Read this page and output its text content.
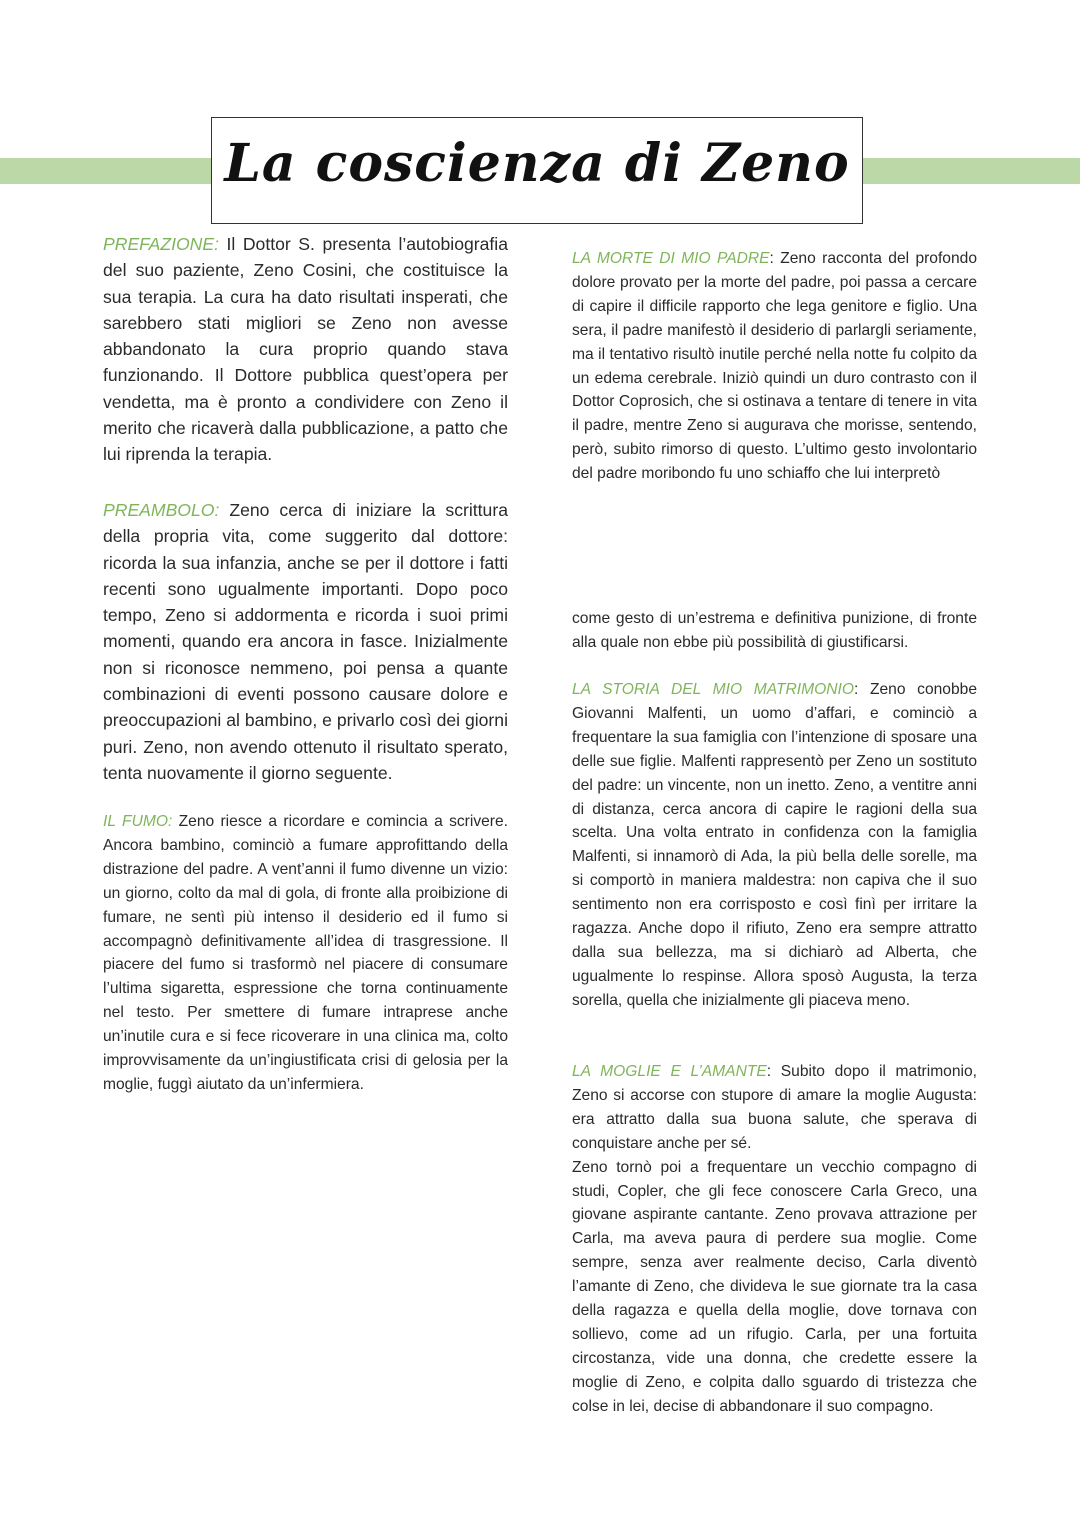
La coscienza di Zeno

PREFAZIONE: Il Dottor S. presenta l’autobiografia del suo paziente, Zeno Cosini, che costituisce la sua terapia. La cura ha dato risultati insperati, che sarebbero stati migliori se Zeno non avesse abbandonato la cura proprio quando stava funzionando. Il Dottore pubblica quest’opera per vendetta, ma è pronto a condividere con Zeno il merito che ricaverà dalla pubblicazione, a patto che lui riprenda la terapia.

PREAMBOLO: Zeno cerca di iniziare la scrittura della propria vita, come suggerito dal dottore: ricorda la sua infanzia, anche se per il dottore i fatti recenti sono ugualmente importanti. Dopo poco tempo, Zeno si addormenta e ricorda i suoi primi momenti, quando era ancora in fasce. Inizialmente non si riconosce nemmeno, poi pensa a quante combinazioni di eventi possono causare dolore e preoccupazioni al bambino, e privarlo così dei giorni puri. Zeno, non avendo ottenuto il risultato sperato, tenta nuovamente il giorno seguente.

IL FUMO: Zeno riesce a ricordare e comincia a scrivere. Ancora bambino, cominciò a fumare approfittando della distrazione del padre. A vent’anni il fumo divenne un vizio: un giorno, colto da mal di gola, di fronte alla proibizione di fumare, ne sentì più intenso il desiderio ed il fumo si accompagnò definitivamente all’idea di trasgressione. Il piacere del fumo si trasformò nel piacere di consumare l’ultima sigaretta, espressione che torna continuamente nel testo. Per smettere di fumare intraprese anche un’inutile cura e si fece ricoverare in una clinica ma, colto improvvisamente da un’ingiustificata crisi di gelosia per la moglie, fuggì aiutato da un’infermiera.

LA MORTE DI MIO PADRE: Zeno racconta del profondo dolore provato per la morte del padre, poi passa a cercare di capire il difficile rapporto che lega genitore e figlio. Una sera, il padre manifestò il desiderio di parlargli seriamente, ma il tentativo risultò inutile perché nella notte fu colpito da un edema cerebrale. Iniziò quindi un duro contrasto con il Dottor Coprosich, che si ostinava a tentare di tenere in vita il padre, mentre Zeno si augurava che morisse, sentendo, però, subito rimorso di questo. L’ultimo gesto involontario del padre moribondo fu uno schiaffo che lui interpretò

come gesto di un’estrema e definitiva punizione, di fronte alla quale non ebbe più possibilità di giustificarsi.

LA STORIA DEL MIO MATRIMONIO: Zeno conobbe Giovanni Malfenti, un uomo d’affari, e cominciò a frequentare la sua famiglia con l’intenzione di sposare una delle sue figlie. Malfenti rappresentò per Zeno un sostituto del padre: un vincente, non un inetto. Zeno, a ventitre anni di distanza, cerca ancora di capire le ragioni della sua scelta. Una volta entrato in confidenza con la famiglia Malfenti, si innamorò di Ada, la più bella delle sorelle, ma si comportò in maniera maldestra: non capiva che il suo sentimento non era corrisposto e così finì per irritare la ragazza. Anche dopo il rifiuto, Zeno era sempre attratto dalla sua bellezza, ma si dichiarò ad Alberta, che ugualmente lo respinse. Allora sposò Augusta, la terza sorella, quella che inizialmente gli piaceva meno.

LA MOGLIE E L’AMANTE: Subito dopo il matrimonio, Zeno si accorse con stupore di amare la moglie Augusta: era attratto dalla sua buona salute, che sperava di conquistare anche per sé.
Zeno tornò poi a frequentare un vecchio compagno di studi, Copler, che gli fece conoscere Carla Greco, una giovane aspirante cantante. Zeno provava attrazione per Carla, ma aveva paura di perdere sua moglie. Come sempre, senza aver realmente deciso, Carla diventò l’amante di Zeno, che divideva le sue giornate tra la casa della ragazza e quella della moglie, dove tornava con sollievo, come ad un rifugio. Carla, per una fortuita circostanza, vide una donna, che credette essere la moglie di Zeno, e colpita dallo sguardo di tristezza che colse in lei, decise di abbandonare il suo compagno.
